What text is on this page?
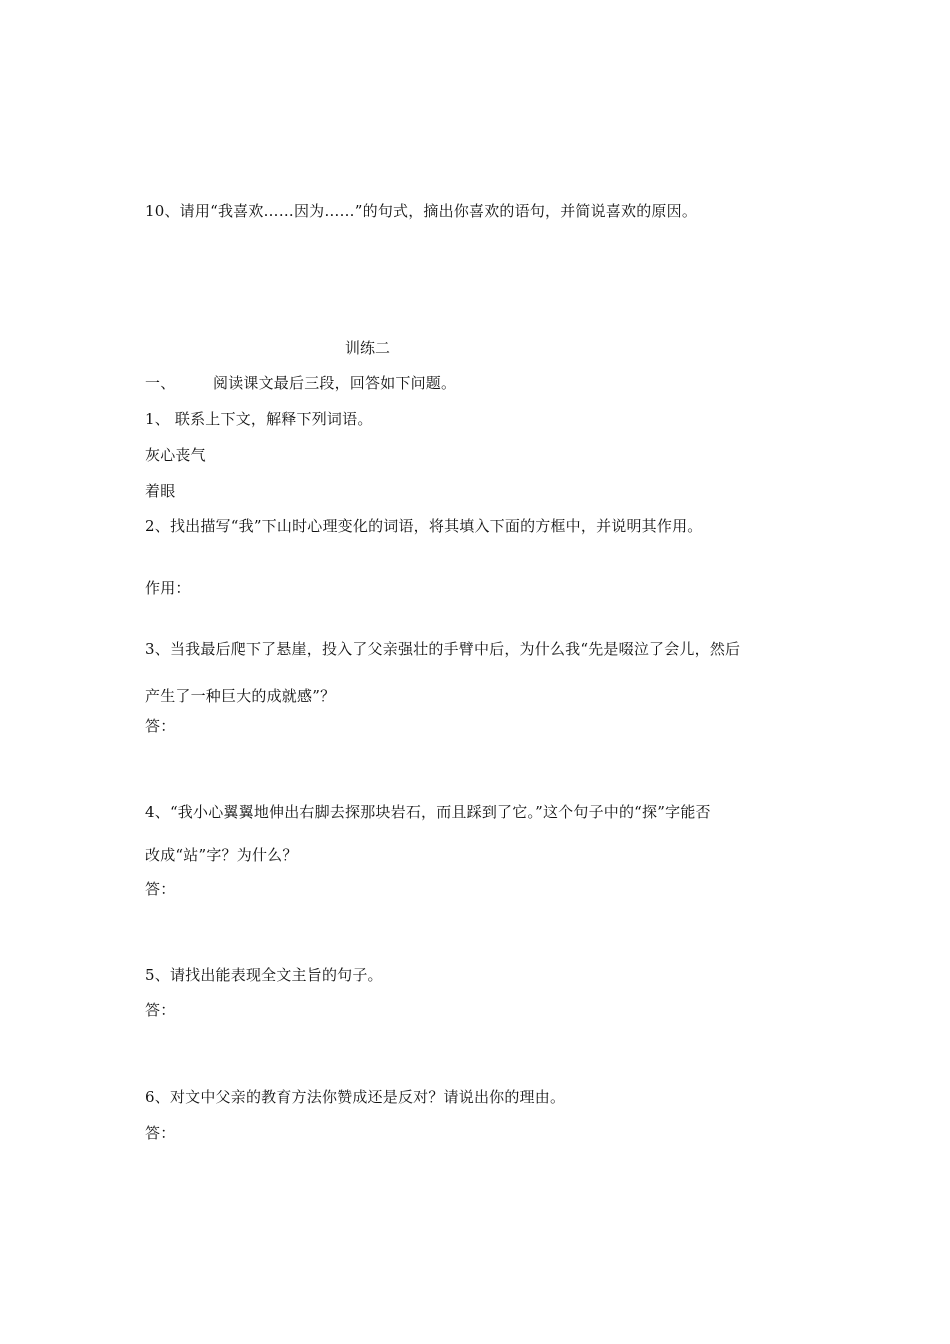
10、请用“我喜欢……因为……”的句式，摘出你喜欢的语句，并简说喜欢的原因。
训练二
一、	阅读课文最后三段，回答如下问题。
1、 联系上下文，解释下列词语。
灰心丧气
着眼
2、找出描写“我”下山时心理变化的词语，将其填入下面的方框中，并说明其作用。
作用：
3、当我最后爬下了悬崖，投入了父亲强壮的手臂中后，为什么我“先是啜泣了会儿，然后
产生了一种巨大的成就感”？
答：
4、“我小心翼翼地伸出右脚去探那块岩石，而且踩到了它。”这个句子中的“探”字能否
改成“站”字？为什么？
答：
5、请找出能表现全文主旨的句子。
答：
6、对文中父亲的教育方法你赞成还是反对？请说出你的理由。
答：
